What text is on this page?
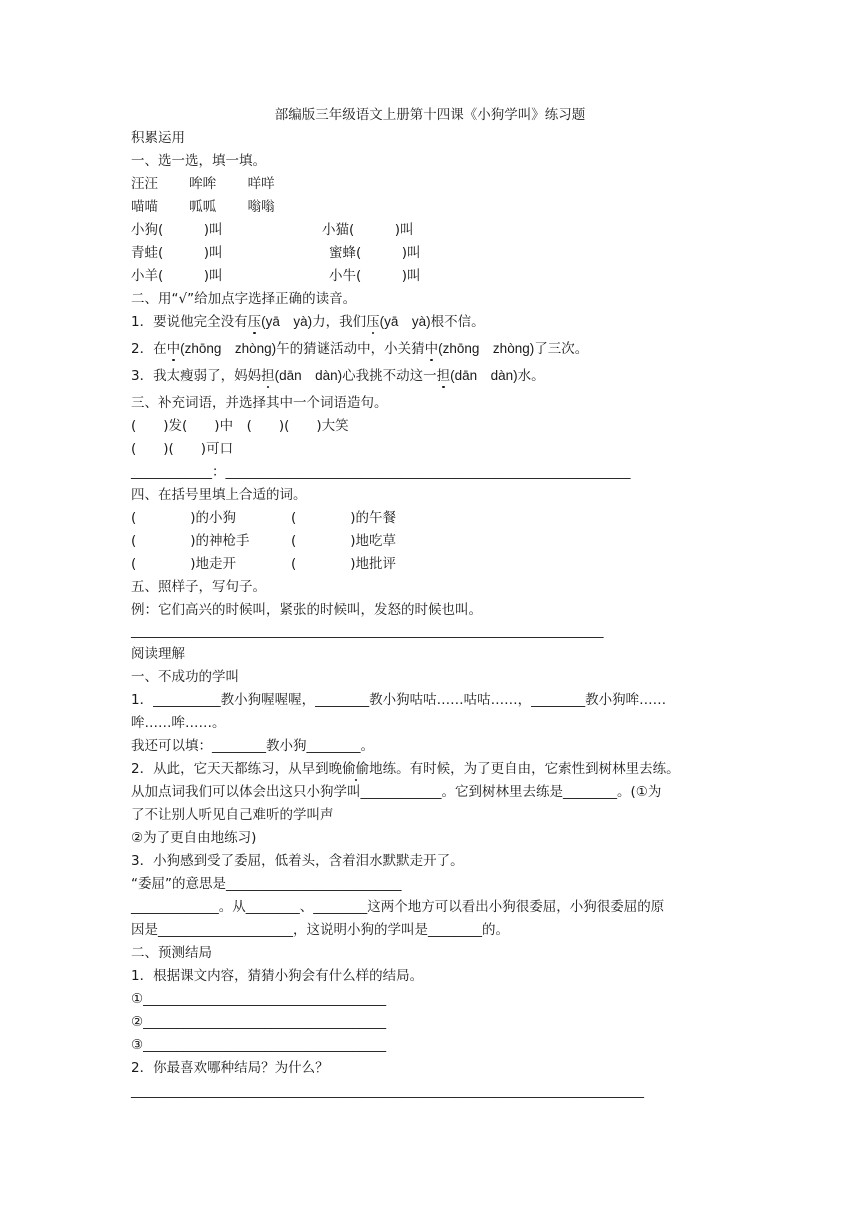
部编版三年级语文上册第十四课《小狗学叫》练习题
积累运用
一、选一选，填一填。
汪汪　　 哞哞　　 咩咩
喵喵　　 呱呱　　 嗡嗡
小狗(　　　)叫	小猫(　　　)叫
青蛙(　　　)叫	蜜蜂(　　　)叫
小羊(　　　)叫	小牛(　　　)叫
二、用“√”给加点字选择正确的读音。
1．要说他完全没有压(yā　yà)力，我们压(yā　yà)根不信。
2．在中(zhōng　zhòng)午的猜谜活动中，小关猜中(zhōng　zhòng)了三次。
3．我太瘦弱了，妈妈担(dān　dàn)心我挑不动这一担(dān　dàn)水。
三、补充词语，并选择其中一个词语造句。
(　　)发(　　)中　(　　)(　　)大笑
(　　)(　　)可口
____________：____________________________________________________________
四、在括号里填上合适的词。
(　　　　)的小狗	(　　　　)的午餐
(　　　　)的神枪手	(　　　　)地吃草
(　　　　)地走开	(　　　　)地批评
五、照样子，写句子。
例：它们高兴的时候叫，紧张的时候叫，发怒的时候也叫。
______________________________________________________________________
阅读理解
一、不成功的学叫
1．__________教小狗喔喔喔，________教小狗咕咕……咕咕……，________教小狗哞……
哞……哞……。
我还可以填：________教小狗________。
2．从此，它天天都练习，从早到晚偷偷地练。有时候，为了更自由，它索性到树林里去练。
从加点词我们可以体会出这只小狗学叫____________。它到树林里去练是________。(①为
了不让别人听见自己难听的学叫声
②为了更自由地练习)
3．小狗感到受了委屈，低着头，含着泪水默默走开了。
“委屈”的意思是__________________________
_____________。从________、________这两个地方可以看出小狗很委屈，小狗很委屈的原
因是____________________，这说明小狗的学叫是________的。
二、预测结局
1．根据课文内容，猜猜小狗会有什么样的结局。
①____________________________________
②____________________________________
③____________________________________
2．你最喜欢哪种结局？为什么？
____________________________________________________________________________
